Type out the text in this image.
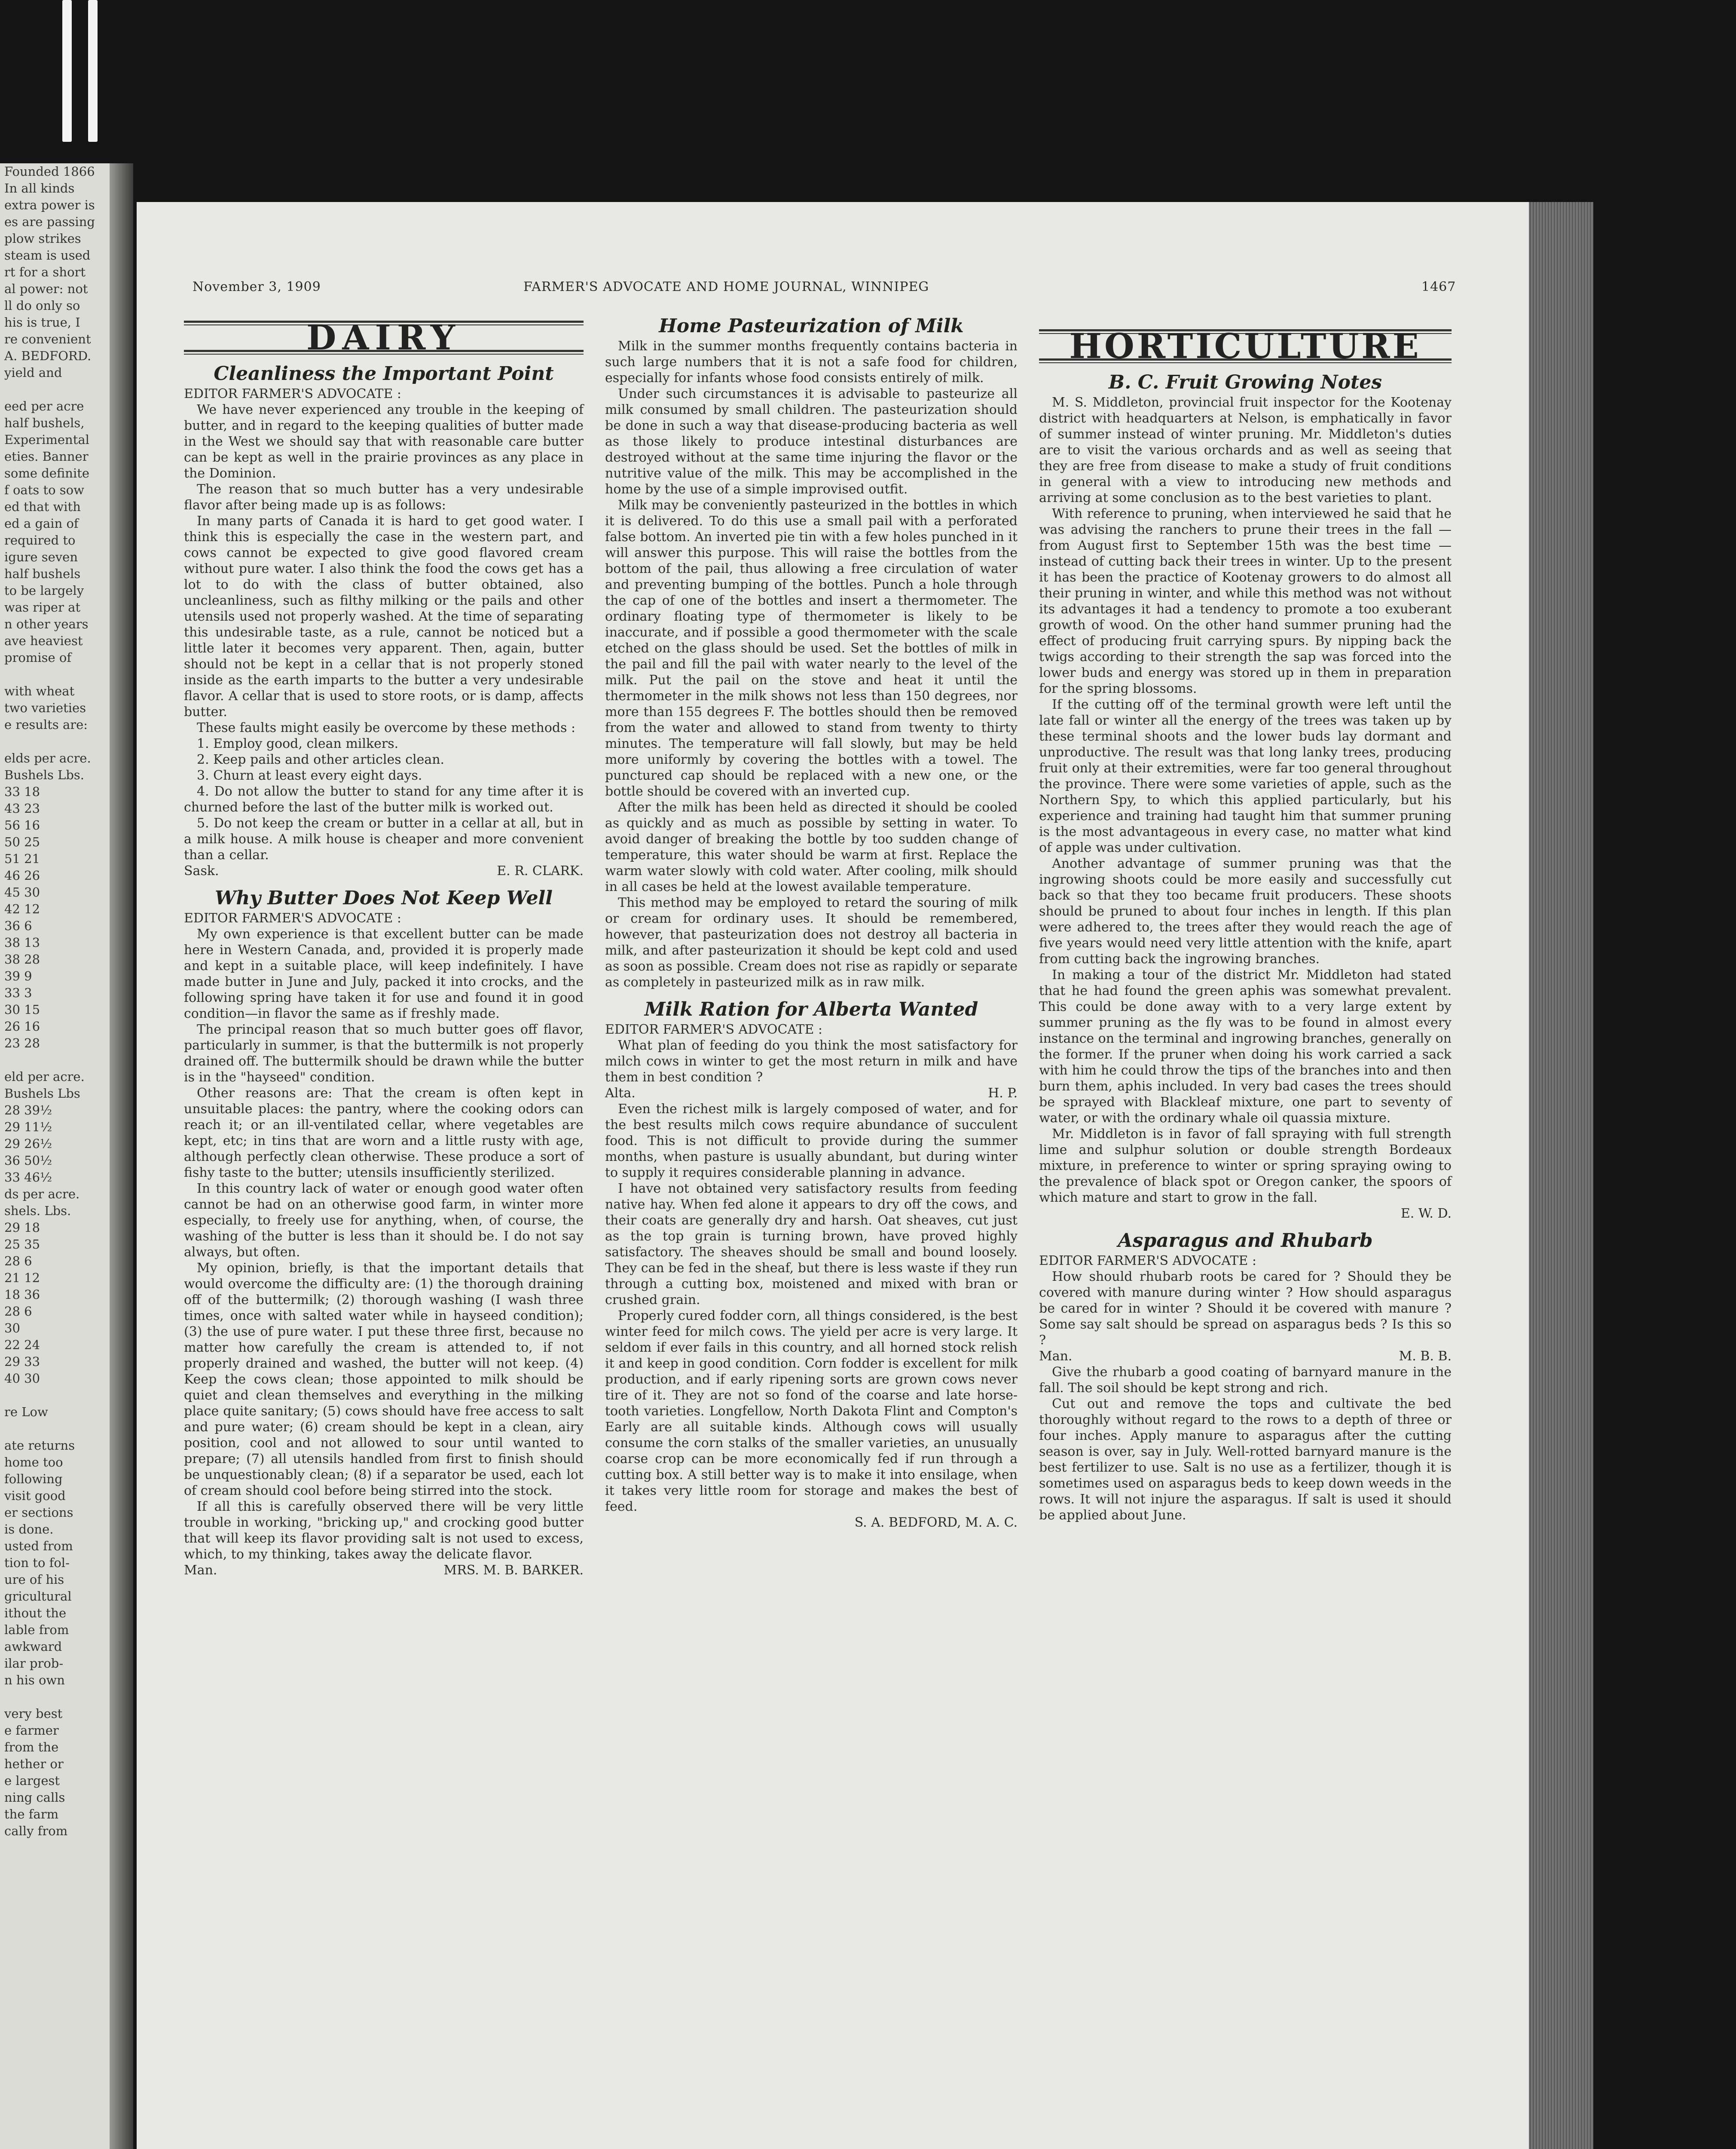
Founded 1866
In all kinds
extra power is
es are passing
plow strikes
steam is used
rt for a short
al power: not
ll do only so
his is true, I
re convenient
A. BEDFORD.
yield and
eed per acre
half bushels,
Experimental
eties. Banner
some definite
f oats to sow
ed that with
ed a gain of
required to
igure seven
half bushels
to be largely
was riper at
n other years
ave heaviest
promise of
with wheat
two varieties
e results are:
elds per acre.
Bushels Lbs.
33 18
43 23
56 16
50 25
51 21
46 26
45 30
42 12
36 6
38 13
38 28
39 9
33 3
30 15
26 16
23 28
eld per acre.
Bushels Lbs
28 39½
29 11½
29 26½
36 50½
33 46½
ds per acre.
shels. Lbs.
29 18
25 35
28 6
21 12
18 36
28 6
30
22 24
29 33
40 30
re Low
ate returns
home too
following
visit good
er sections
is done.
usted from
tion to fol-
ure of his
gricultural
ithout the
lable from
awkward
ilar prob-
n his own
very best
e farmer
from the
hether or
e largest
ning calls
the farm
cally from
November 3, 1909	FARMER'S ADVOCATE AND HOME JOURNAL, WINNIPEG	1467
DAIRY
Cleanliness the Important Point

EDITOR FARMER'S ADVOCATE :

We have never experienced any trouble in the keeping of butter, and in regard to the keeping qualities of butter made in the West we should say that with reasonable care butter can be kept as well in the prairie provinces as any place in the Dominion.

The reason that so much butter has a very undesirable flavor after being made up is as follows:

In many parts of Canada it is hard to get good water. I think this is especially the case in the western part, and cows cannot be expected to give good flavored cream without pure water. I also think the food the cows get has a lot to do with the class of butter obtained, also uncleanliness, such as filthy milking or the pails and other utensils used not properly washed. At the time of separating this undesirable taste, as a rule, cannot be noticed but a little later it becomes very apparent. Then, again, butter should not be kept in a cellar that is not properly stoned inside as the earth imparts to the butter a very undesirable flavor. A cellar that is used to store roots, or is damp, affects butter.

These faults might easily be overcome by these methods :

1. Employ good, clean milkers.

2. Keep pails and other articles clean.

3. Churn at least every eight days.

4. Do not allow the butter to stand for any time after it is churned before the last of the butter milk is worked out.

5. Do not keep the cream or butter in a cellar at all, but in a milk house. A milk house is cheaper and more convenient than a cellar.

Sask.	E. R. CLARK.

Why Butter Does Not Keep Well

EDITOR FARMER'S ADVOCATE :

My own experience is that excellent butter can be made here in Western Canada, and, provided it is properly made and kept in a suitable place, will keep indefinitely. I have made butter in June and July, packed it into crocks, and the following spring have taken it for use and found it in good condition—in flavor the same as if freshly made.

The principal reason that so much butter goes off flavor, particularly in summer, is that the buttermilk is not properly drained off. The buttermilk should be drawn while the butter is in the "hayseed" condition.

Other reasons are: That the cream is often kept in unsuitable places: the pantry, where the cooking odors can reach it; or an ill-ventilated cellar, where vegetables are kept, etc; in tins that are worn and a little rusty with age, although perfectly clean otherwise. These produce a sort of fishy taste to the butter; utensils insufficiently sterilized.

In this country lack of water or enough good water often cannot be had on an otherwise good farm, in winter more especially, to freely use for anything, when, of course, the washing of the butter is less than it should be. I do not say always, but often.

My opinion, briefly, is that the important details that would overcome the difficulty are: (1) the thorough draining off of the buttermilk; (2) thorough washing (I wash three times, once with salted water while in hayseed condition); (3) the use of pure water. I put these three first, because no matter how carefully the cream is attended to, if not properly drained and washed, the butter will not keep. (4) Keep the cows clean; those appointed to milk should be quiet and clean themselves and everything in the milking place quite sanitary; (5) cows should have free access to salt and pure water; (6) cream should be kept in a clean, airy position, cool and not allowed to sour until wanted to prepare; (7) all utensils handled from first to finish should be unquestionably clean; (8) if a separator be used, each lot of cream should cool before being stirred into the stock.

If all this is carefully observed there will be very little trouble in working, "bricking up," and crocking good butter that will keep its flavor providing salt is not used to excess, which, to my thinking, takes away the delicate flavor.

Man.	MRS. M. B. BARKER.

Home Pasteurization of Milk

Milk in the summer months frequently contains bacteria in such large numbers that it is not a safe food for children, especially for infants whose food consists entirely of milk.

Under such circumstances it is advisable to pasteurize all milk consumed by small children. The pasteurization should be done in such a way that disease-producing bacteria as well as those likely to produce intestinal disturbances are destroyed without at the same time injuring the flavor or the nutritive value of the milk. This may be accomplished in the home by the use of a simple improvised outfit.

Milk may be conveniently pasteurized in the bottles in which it is delivered. To do this use a small pail with a perforated false bottom. An inverted pie tin with a few holes punched in it will answer this purpose. This will raise the bottles from the bottom of the pail, thus allowing a free circulation of water and preventing bumping of the bottles. Punch a hole through the cap of one of the bottles and insert a thermometer. The ordinary floating type of thermometer is likely to be inaccurate, and if possible a good thermometer with the scale etched on the glass should be used. Set the bottles of milk in the pail and fill the pail with water nearly to the level of the milk. Put the pail on the stove and heat it until the thermometer in the milk shows not less than 150 degrees, nor more than 155 degrees F. The bottles should then be removed from the water and allowed to stand from twenty to thirty minutes. The temperature will fall slowly, but may be held more uniformly by covering the bottles with a towel. The punctured cap should be replaced with a new one, or the bottle should be covered with an inverted cup.

After the milk has been held as directed it should be cooled as quickly and as much as possible by setting in water. To avoid danger of breaking the bottle by too sudden change of temperature, this water should be warm at first. Replace the warm water slowly with cold water. After cooling, milk should in all cases be held at the lowest available temperature.

This method may be employed to retard the souring of milk or cream for ordinary uses. It should be remembered, however, that pasteurization does not destroy all bacteria in milk, and after pasteurization it should be kept cold and used as soon as possible. Cream does not rise as rapidly or separate as completely in pasteurized milk as in raw milk.

Milk Ration for Alberta Wanted

EDITOR FARMER'S ADVOCATE :

What plan of feeding do you think the most satisfactory for milch cows in winter to get the most return in milk and have them in best condition ?

Alta.	H. P.

Even the richest milk is largely composed of water, and for the best results milch cows require abundance of succulent food. This is not difficult to provide during the summer months, when pasture is usually abundant, but during winter to supply it requires considerable planning in advance.

I have not obtained very satisfactory results from feeding native hay. When fed alone it appears to dry off the cows, and their coats are generally dry and harsh. Oat sheaves, cut just as the top grain is turning brown, have proved highly satisfactory. The sheaves should be small and bound loosely. They can be fed in the sheaf, but there is less waste if they run through a cutting box, moistened and mixed with bran or crushed grain.

Properly cured fodder corn, all things considered, is the best winter feed for milch cows. The yield per acre is very large. It seldom if ever fails in this country, and all horned stock relish it and keep in good condition. Corn fodder is excellent for milk production, and if early ripening sorts are grown cows never tire of it. They are not so fond of the coarse and late horse-tooth varieties. Longfellow, North Dakota Flint and Compton's Early are all suitable kinds. Although cows will usually consume the corn stalks of the smaller varieties, an unusually coarse crop can be more economically fed if run through a cutting box. A still better way is to make it into ensilage, when it takes very little room for storage and makes the best of feed.

S. A. BEDFORD, M. A. C.

HORTICULTURE
B. C. Fruit Growing Notes

M. S. Middleton, provincial fruit inspector for the Kootenay district with headquarters at Nelson, is emphatically in favor of summer instead of winter pruning. Mr. Middleton's duties are to visit the various orchards and as well as seeing that they are free from disease to make a study of fruit conditions in general with a view to introducing new methods and arriving at some conclusion as to the best varieties to plant.

With reference to pruning, when interviewed he said that he was advising the ranchers to prune their trees in the fall — from August first to September 15th was the best time — instead of cutting back their trees in winter. Up to the present it has been the practice of Kootenay growers to do almost all their pruning in winter, and while this method was not without its advantages it had a tendency to promote a too exuberant growth of wood. On the other hand summer pruning had the effect of producing fruit carrying spurs. By nipping back the twigs according to their strength the sap was forced into the lower buds and energy was stored up in them in preparation for the spring blossoms.

If the cutting off of the terminal growth were left until the late fall or winter all the energy of the trees was taken up by these terminal shoots and the lower buds lay dormant and unproductive. The result was that long lanky trees, producing fruit only at their extremities, were far too general throughout the province. There were some varieties of apple, such as the Northern Spy, to which this applied particularly, but his experience and training had taught him that summer pruning is the most advantageous in every case, no matter what kind of apple was under cultivation.

Another advantage of summer pruning was that the ingrowing shoots could be more easily and successfully cut back so that they too became fruit producers. These shoots should be pruned to about four inches in length. If this plan were adhered to, the trees after they would reach the age of five years would need very little attention with the knife, apart from cutting back the ingrowing branches.

In making a tour of the district Mr. Middleton had stated that he had found the green aphis was somewhat prevalent. This could be done away with to a very large extent by summer pruning as the fly was to be found in almost every instance on the terminal and ingrowing branches, generally on the former. If the pruner when doing his work carried a sack with him he could throw the tips of the branches into and then burn them, aphis included. In very bad cases the trees should be sprayed with Blackleaf mixture, one part to seventy of water, or with the ordinary whale oil quassia mixture.

Mr. Middleton is in favor of fall spraying with full strength lime and sulphur solution or double strength Bordeaux mixture, in preference to winter or spring spraying owing to the prevalence of black spot or Oregon canker, the spoors of which mature and start to grow in the fall.

E. W. D.

Asparagus and Rhubarb

EDITOR FARMER'S ADVOCATE :

How should rhubarb roots be cared for ? Should they be covered with manure during winter ? How should asparagus be cared for in winter ? Should it be covered with manure ? Some say salt should be spread on asparagus beds ? Is this so ?

Man.	M. B. B.

Give the rhubarb a good coating of barnyard manure in the fall. The soil should be kept strong and rich.

Cut out and remove the tops and cultivate the bed thoroughly without regard to the rows to a depth of three or four inches. Apply manure to asparagus after the cutting season is over, say in July. Well-rotted barnyard manure is the best fertilizer to use. Salt is no use as a fertilizer, though it is sometimes used on asparagus beds to keep down weeds in the rows. It will not injure the asparagus. If salt is used it should be applied about June.
